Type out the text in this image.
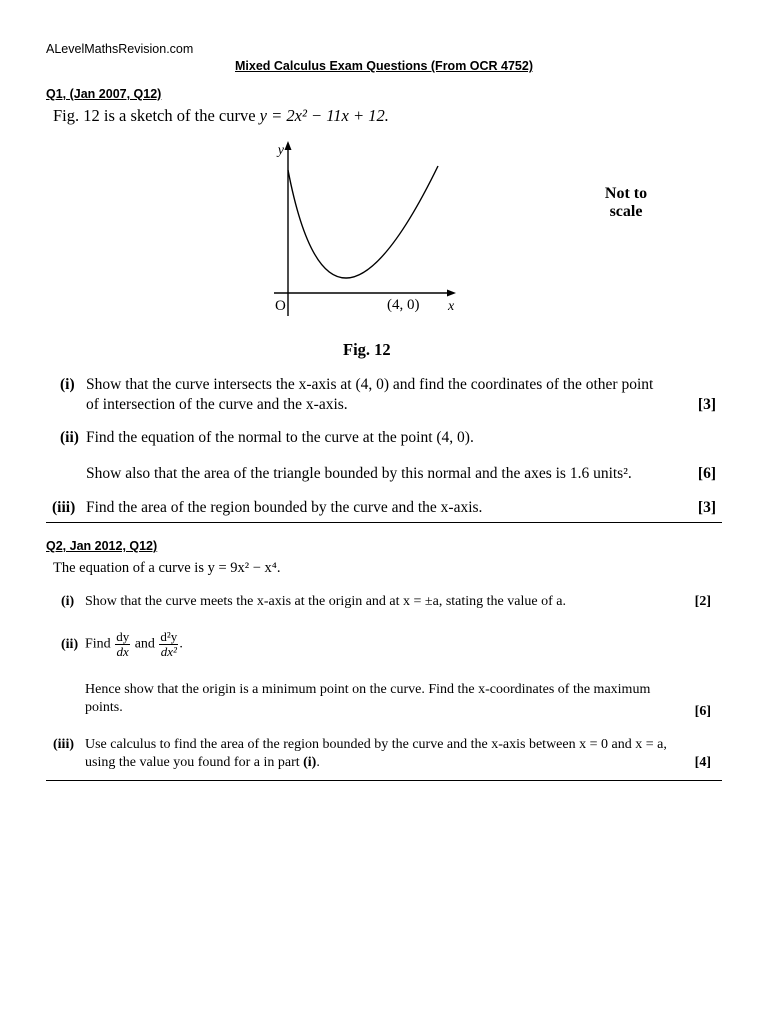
ALevelMathsRevision.com
Mixed Calculus Exam Questions (From OCR 4752)
Q1, (Jan 2007, Q12)
Fig. 12 is a sketch of the curve y = 2x² − 11x + 12.
y
x
O	(4, 0)
Not to
scale
Fig. 12
(i) Show that the curve intersects the x-axis at (4, 0) and find the coordinates of the other point
of intersection of the curve and the x-axis.	[3]
(ii) Find the equation of the normal to the curve at the point (4, 0).

Show also that the area of the triangle bounded by this normal and the axes is 1.6 units².	[6]
(iii) Find the area of the region bounded by the curve and the x-axis.	[3]
Q2, Jan 2012, Q12)
The equation of a curve is y = 9x² − x⁴.
(i) Show that the curve meets the x-axis at the origin and at x = ±a, stating the value of a.	[2]
(ii) Find $\frac{dy}{dx}$ and $\frac{\text{d²y}}{\text{dx²}}$ .
Hence show that the origin is a minimum point on the curve. Find the x-coordinates of the maximum
points.	[6]
(iii) Use calculus to find the area of the region bounded by the curve and the x-axis between x = 0 and x = a,
using the value you found for a in part (i).	[4]
